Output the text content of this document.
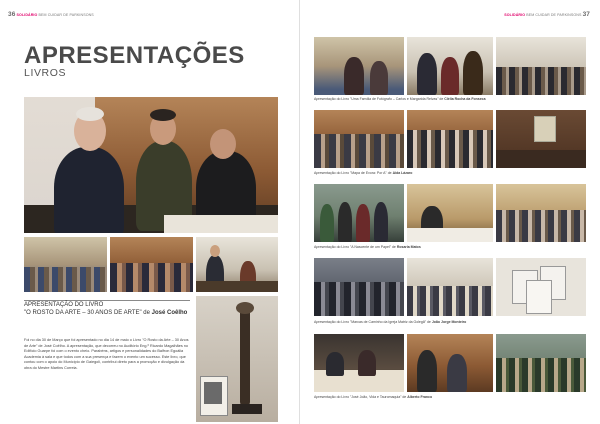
36 SOLIDÁRIO BEM CUIDAR DE PARKINSONS
APRESENTAÇÕES
LIVROS
APRESENTAÇÃO DO LIVRO
"O ROSTO DA ARTE – 30 ANOS DE ARTE" de José Coêlho
Foi no dia 30 de Março que foi apresentado no dia 14 de maio o Livro "O Rosto da Arte – 30 Anos de Arte" de José Coêlho. A apresentação, que decorreu no Auditório Eng.º Ricardo Magalhães no Edifício Guarpe foi com o evento cheio. Parabéns, artigos e personalidades do Balfron Egoália Academia à sala e que todos com a sua presença e fazem o evento um sucesso. Este livro, que contou com o apoio do Município de Gaiegoli, contribui direto para a promoção e divulgação da obra do Mestre Martins Correia.
SOLIDÁRIO BEM CUIDAR DE PARKINSONS 37
Apresentação do Livro "Uma Família de Fotógrafo – Carlos e Margarida Relvas" de Clélia Rocha da Fonseca
Apresentação do Livro "Mapa de Evora: Por A" de Aida Lázaro
Apresentação do Livro "A Nascente de um Papel" de Rosaria Matos
Apresentação do Livro "Marcas de Caminho da Igreja Matriz da Golegã" de João Jorge Monteiro
Apresentação do Livro "José João, Vida e Tauromaquia" de Alberto Franco
